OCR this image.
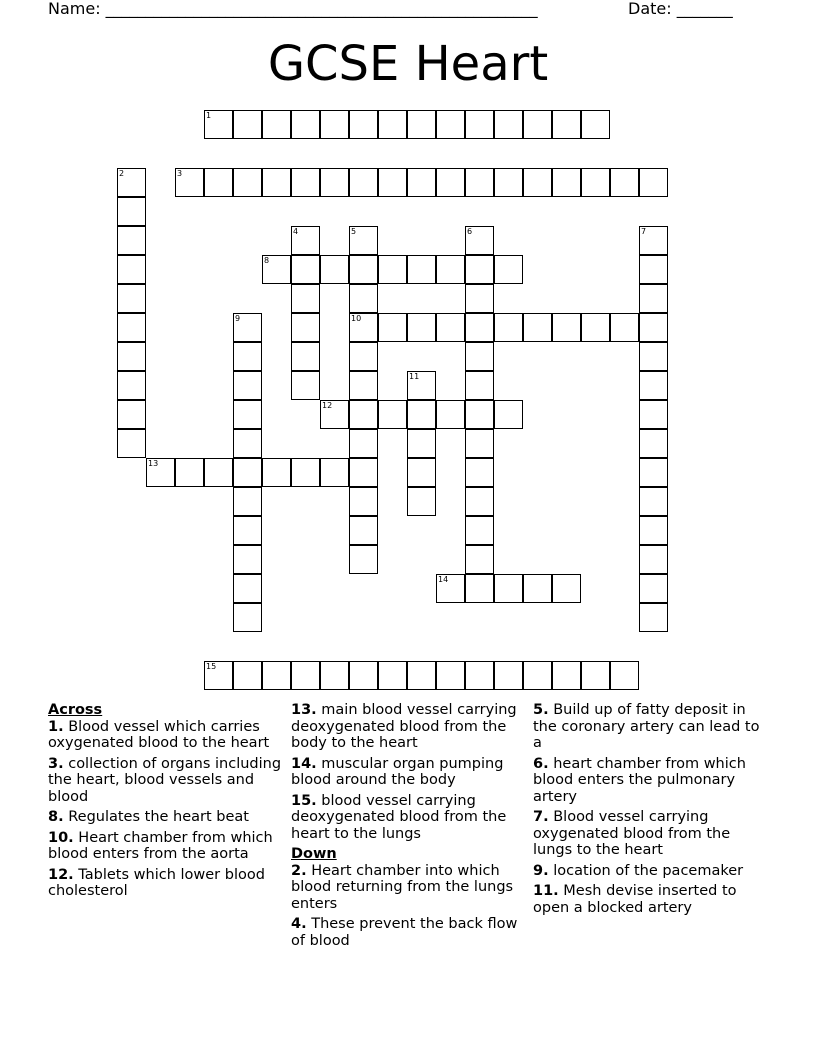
Name: ______________________________________________________	Date: _______
GCSE Heart
1
2	3
4	5	6	7
8
9	10
11
12
13
14
15
Across
1. Blood vessel which carries oxygenated blood to the heart
3. collection of organs including the heart, blood vessels and blood
8. Regulates the heart beat
10. Heart chamber from which blood enters from the aorta
12. Tablets which lower blood cholesterol
13. main blood vessel carrying deoxygenated blood from the body to the heart
14. muscular organ pumping blood around the body
15. blood vessel carrying deoxygenated blood from the heart to the lungs
Down
2. Heart chamber into which blood returning from the lungs enters
4. These prevent the back flow of blood
5. Build up of fatty deposit in the coronary artery can lead to a
6. heart chamber from which blood enters the pulmonary artery
7. Blood vessel carrying oxygenated blood from the lungs to the heart
9. location of the pacemaker
11. Mesh devise inserted to open a blocked artery
